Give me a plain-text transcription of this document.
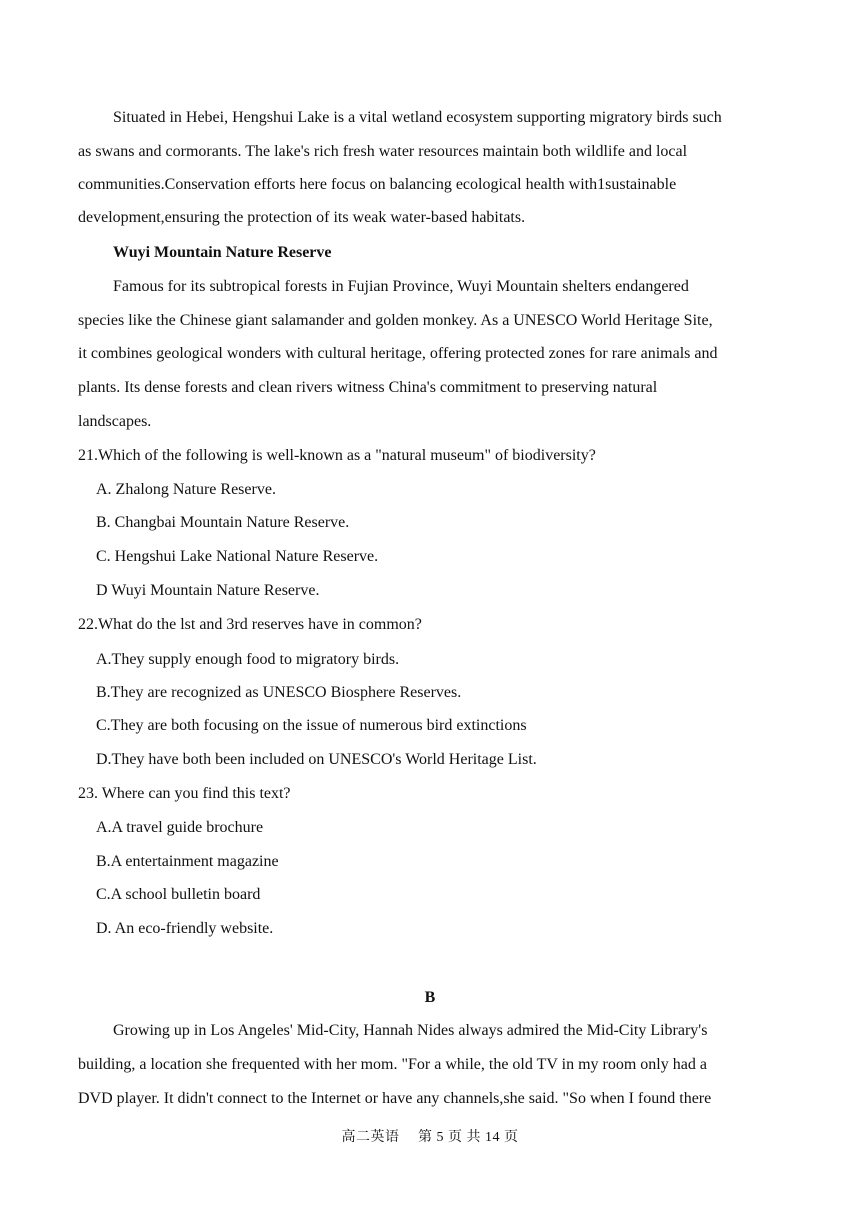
Situated in Hebei, Hengshui Lake is a vital wetland ecosystem supporting migratory birds such

as swans and cormorants. The lake's rich fresh water resources maintain both wildlife and local

communities.Conservation efforts here focus on balancing ecological health with1sustainable

development,ensuring the protection of its weak water-based habitats.

Wuyi Mountain Nature Reserve

Famous for its subtropical forests in Fujian Province, Wuyi Mountain shelters endangered

species like the Chinese giant salamander and golden monkey. As a UNESCO World Heritage Site,

it combines geological wonders with cultural heritage, offering protected zones for rare animals and

plants. Its dense forests and clean rivers witness China's commitment to preserving natural

landscapes.

21.Which of the following is well-known as a "natural museum" of biodiversity?

A. Zhalong Nature Reserve.

B. Changbai Mountain Nature Reserve.

C. Hengshui Lake National Nature Reserve.

D Wuyi Mountain Nature Reserve.

22.What do the lst and 3rd reserves have in common?

A.They supply enough food to migratory birds.

B.They are recognized as UNESCO Biosphere Reserves.

C.They are both focusing on the issue of numerous bird extinctions

D.They have both been included on UNESCO's World Heritage List.

23. Where can you find this text?

A.A travel guide brochure

B.A entertainment magazine

C.A school bulletin board

D. An eco-friendly website.

B

Growing up in Los Angeles' Mid-City, Hannah Nides always admired the Mid-City Library's

building, a location she frequented with her mom. "For a while, the old TV in my room only had a

DVD player. It didn't connect to the Internet or have any channels,she said. "So when I found there

高二英语　 第 5 页 共 14 页
